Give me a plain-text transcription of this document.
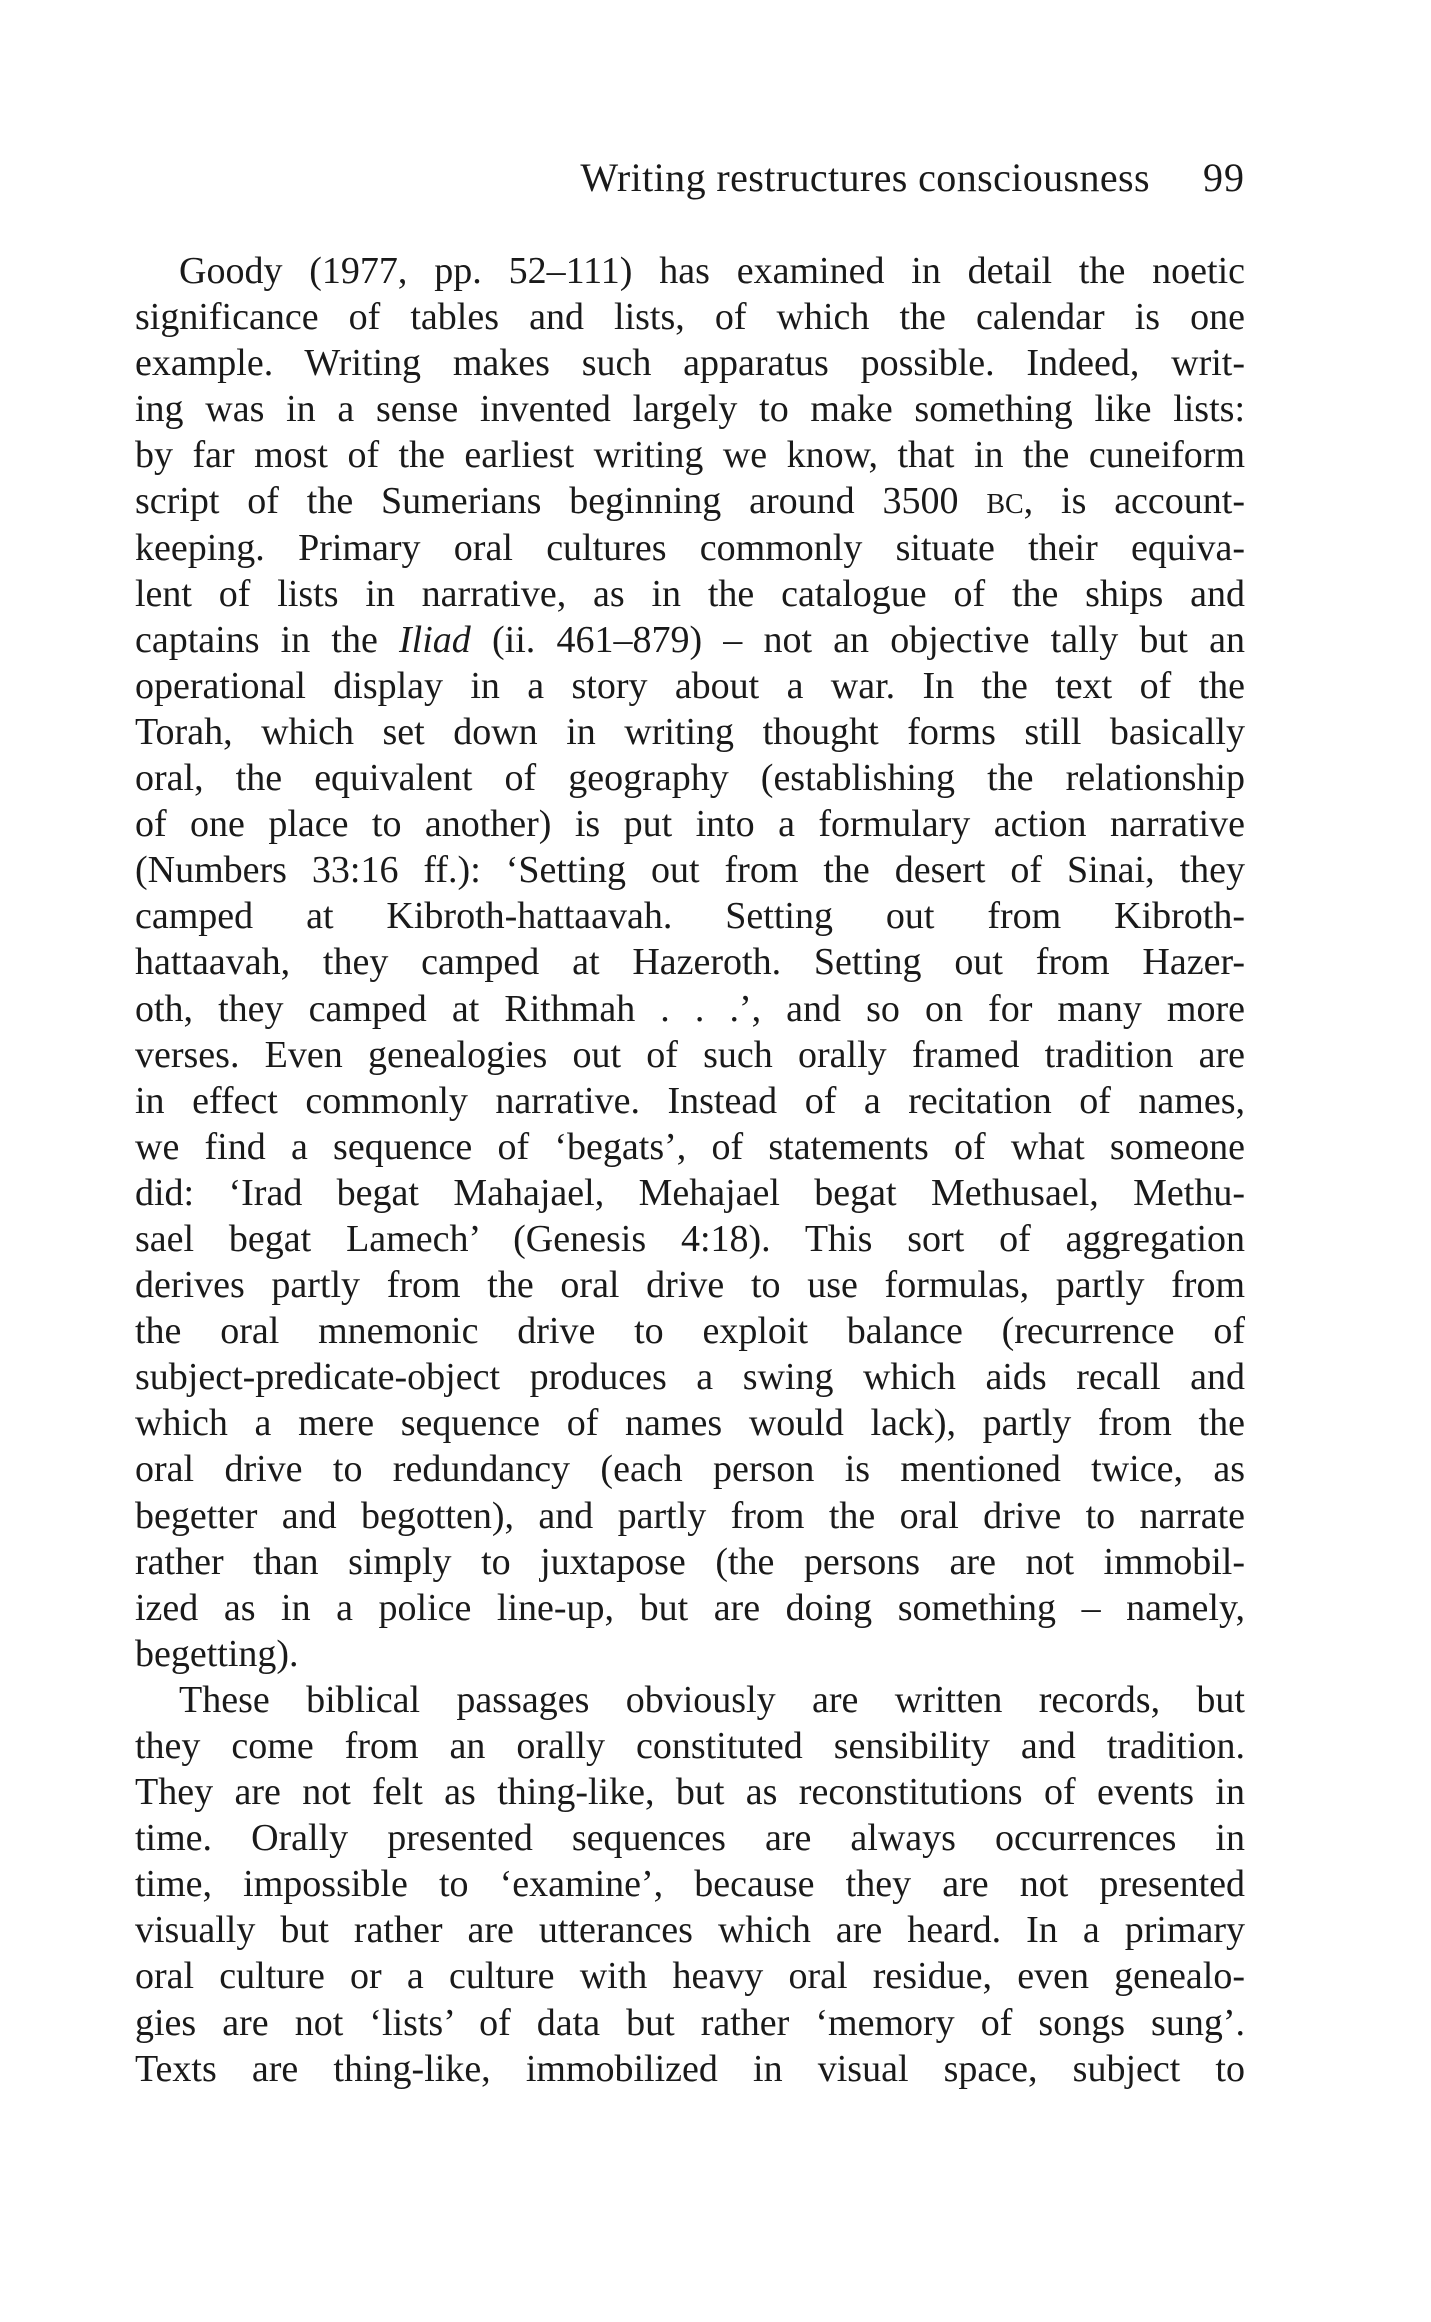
Writing restructures consciousness 99
Goody (1977, pp. 52–111) has examined in detail the noetic
significance of tables and lists, of which the calendar is one
example. Writing makes such apparatus possible. Indeed, writ-
ing was in a sense invented largely to make something like lists:
by far most of the earliest writing we know, that in the cuneiform
script of the Sumerians beginning around 3500 BC, is account-
keeping. Primary oral cultures commonly situate their equiva-
lent of lists in narrative, as in the catalogue of the ships and
captains in the Iliad (ii. 461–879) – not an objective tally but an
operational display in a story about a war. In the text of the
Torah, which set down in writing thought forms still basically
oral, the equivalent of geography (establishing the relationship
of one place to another) is put into a formulary action narrative
(Numbers 33:16 ff.): ‘Setting out from the desert of Sinai, they
camped at Kibroth-hattaavah. Setting out from Kibroth-
hattaavah, they camped at Hazeroth. Setting out from Hazer-
oth, they camped at Rithmah . . .’, and so on for many more
verses. Even genealogies out of such orally framed tradition are
in effect commonly narrative. Instead of a recitation of names,
we find a sequence of ‘begats’, of statements of what someone
did: ‘Irad begat Mahajael, Mehajael begat Methusael, Methu-
sael begat Lamech’ (Genesis 4:18). This sort of aggregation
derives partly from the oral drive to use formulas, partly from
the oral mnemonic drive to exploit balance (recurrence of
subject-predicate-object produces a swing which aids recall and
which a mere sequence of names would lack), partly from the
oral drive to redundancy (each person is mentioned twice, as
begetter and begotten), and partly from the oral drive to narrate
rather than simply to juxtapose (the persons are not immobil-
ized as in a police line-up, but are doing something – namely,
begetting).
These biblical passages obviously are written records, but
they come from an orally constituted sensibility and tradition.
They are not felt as thing-like, but as reconstitutions of events in
time. Orally presented sequences are always occurrences in
time, impossible to ‘examine’, because they are not presented
visually but rather are utterances which are heard. In a primary
oral culture or a culture with heavy oral residue, even genealo-
gies are not ‘lists’ of data but rather ‘memory of songs sung’.
Texts are thing-like, immobilized in visual space, subject to
